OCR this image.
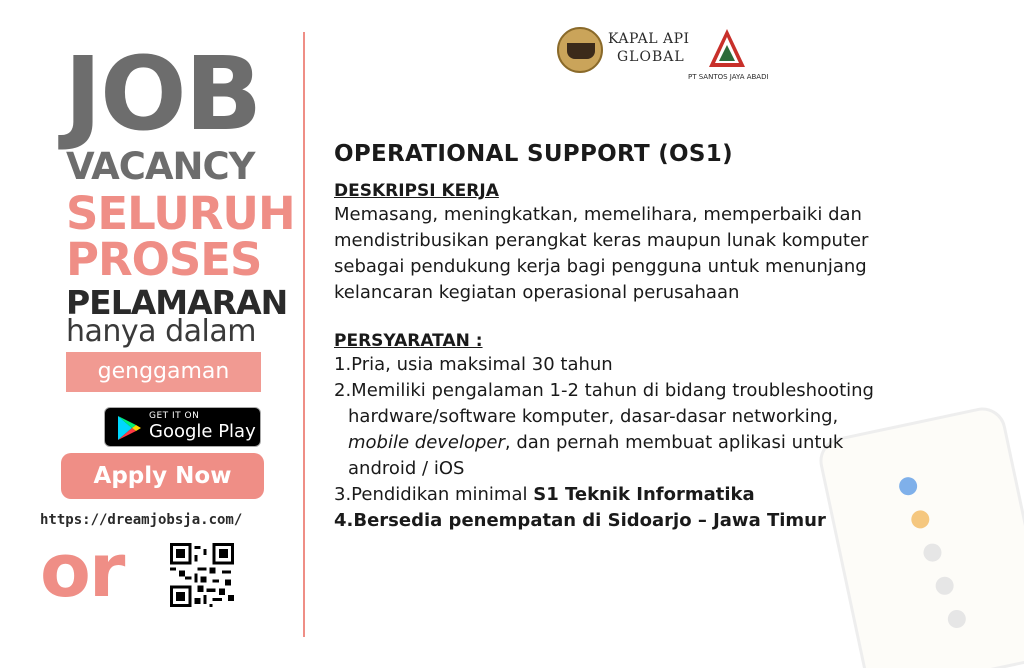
JOB
VACANCY
SELURUH
PROSES
PELAMARAN
hanya dalam
genggaman
GET IT ON
Google Play
Apply Now
https://dreamjobsja.com/
or
KAPAL API
GLOBAL
PT SANTOS JAYA ABADI
OPERATIONAL SUPPORT (OS1)
DESKRIPSI KERJA
Memasang, meningkatkan, memelihara, memperbaiki dan
mendistribusikan perangkat keras maupun lunak komputer
sebagai pendukung kerja bagi pengguna untuk menunjang
kelancaran kegiatan operasional perusahaan
PERSYARATAN :
1.Pria, usia maksimal 30 tahun
2.Memiliki pengalaman 1-2 tahun di bidang troubleshooting
hardware/software komputer, dasar-dasar networking,
mobile developer, dan pernah membuat aplikasi untuk
android / iOS
3.Pendidikan minimal S1 Teknik Informatika
4.Bersedia penempatan di Sidoarjo – Jawa Timur
